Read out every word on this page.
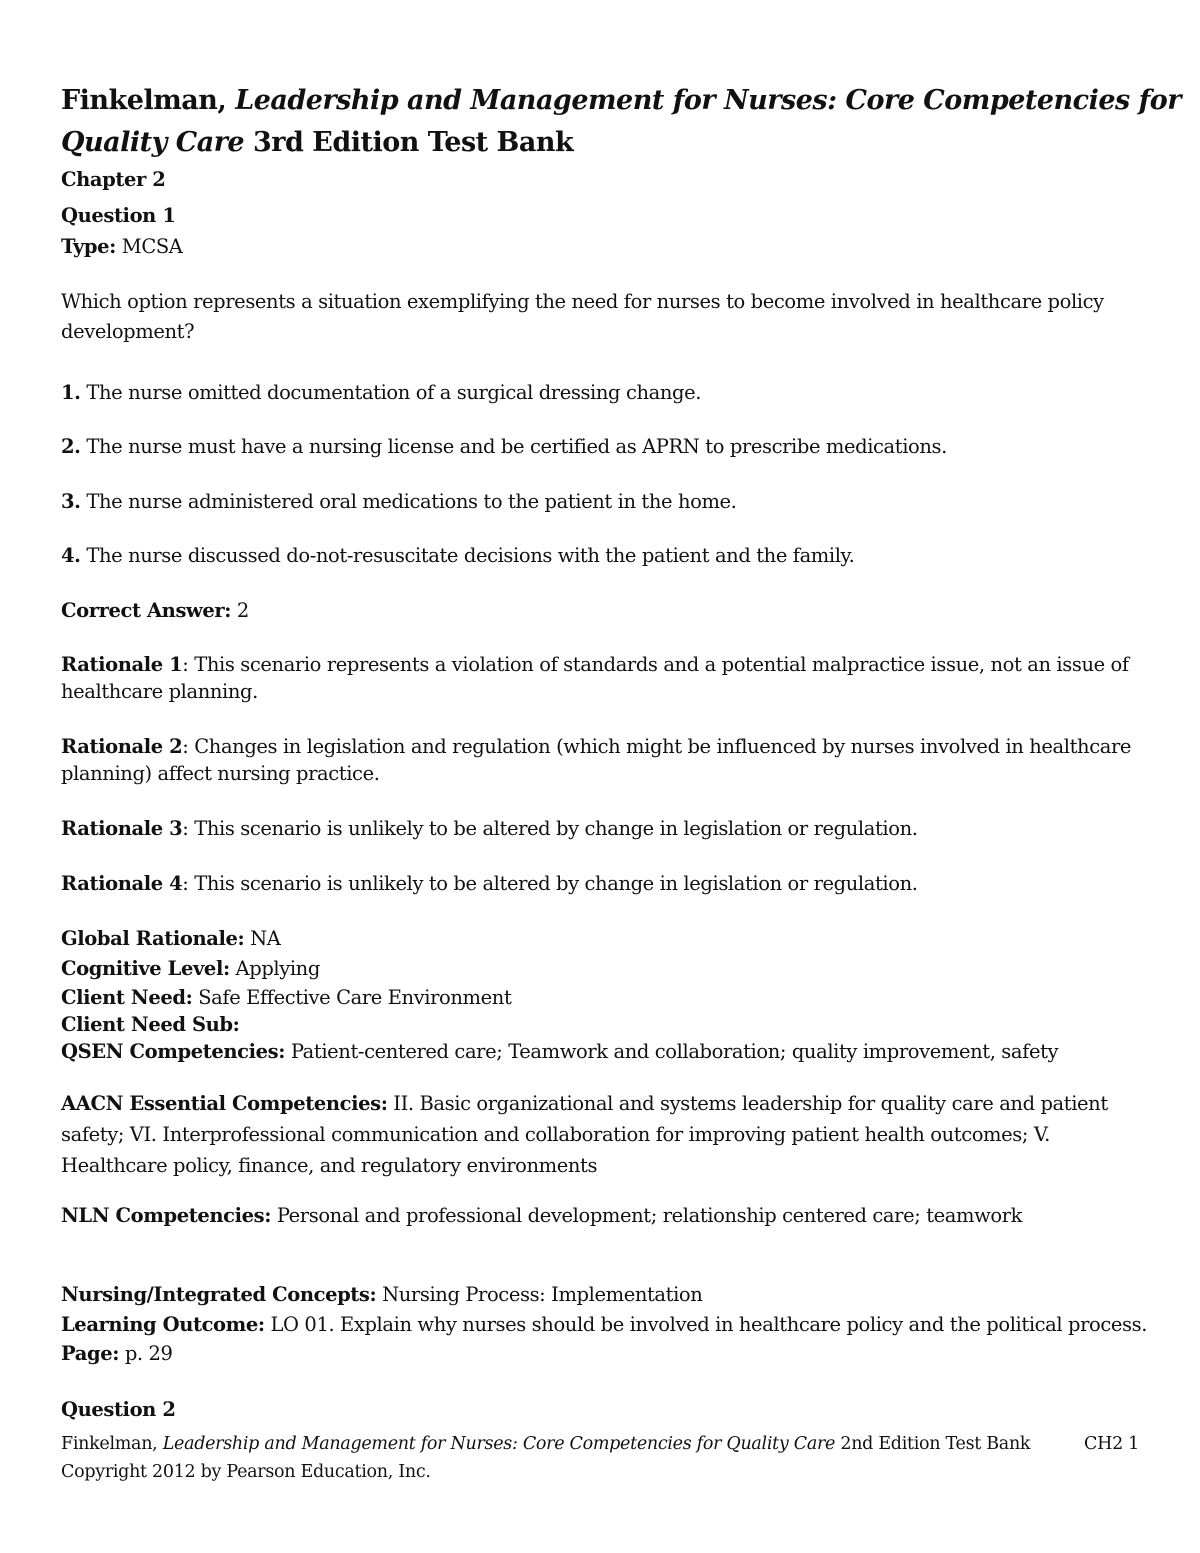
Finkelman, Leadership and Management for Nurses: Core Competencies for
Quality Care 3rd Edition Test Bank
Chapter 2
Question 1
Type: MCSA
Which option represents a situation exemplifying the need for nurses to become involved in healthcare policy
development?
1. The nurse omitted documentation of a surgical dressing change.
2. The nurse must have a nursing license and be certified as APRN to prescribe medications.
3. The nurse administered oral medications to the patient in the home.
4. The nurse discussed do-not-resuscitate decisions with the patient and the family.
Correct Answer: 2
Rationale 1: This scenario represents a violation of standards and a potential malpractice issue, not an issue of
healthcare planning.
Rationale 2: Changes in legislation and regulation (which might be influenced by nurses involved in healthcare
planning) affect nursing practice.
Rationale 3: This scenario is unlikely to be altered by change in legislation or regulation.
Rationale 4: This scenario is unlikely to be altered by change in legislation or regulation.
Global Rationale: NA
Cognitive Level: Applying
Client Need: Safe Effective Care Environment
Client Need Sub:
QSEN Competencies: Patient-centered care; Teamwork and collaboration; quality improvement, safety
AACN Essential Competencies: II. Basic organizational and systems leadership for quality care and patient
safety; VI. Interprofessional communication and collaboration for improving patient health outcomes; V.
Healthcare policy, finance, and regulatory environments
NLN Competencies: Personal and professional development; relationship centered care; teamwork
Nursing/Integrated Concepts: Nursing Process: Implementation
Learning Outcome: LO 01. Explain why nurses should be involved in healthcare policy and the political process.
Page: p. 29
Question 2
Finkelman, Leadership and Management for Nurses: Core Competencies for Quality Care 2nd Edition Test Bank	CH2 1
Copyright 2012 by Pearson Education, Inc.
